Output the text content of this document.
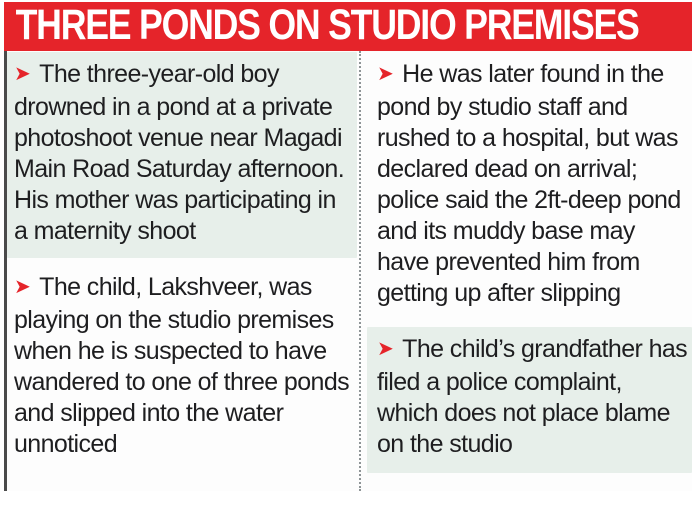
THREE PONDS ON STUDIO PREMISES
➤ The three-year-old boy drowned in a pond at a private photoshoot venue near Magadi Main Road Saturday afternoon. His mother was participating in a maternity shoot
➤ The child, Lakshveer, was playing on the studio premises when he is suspected to have wandered to one of three ponds and slipped into the water unnoticed
➤ He was later found in the pond by studio staff and rushed to a hospital, but was declared dead on arrival; police said the 2ft-deep pond and its muddy base may have prevented him from getting up after slipping
➤ The child’s grandfather has filed a police complaint, which does not place blame on the studio
